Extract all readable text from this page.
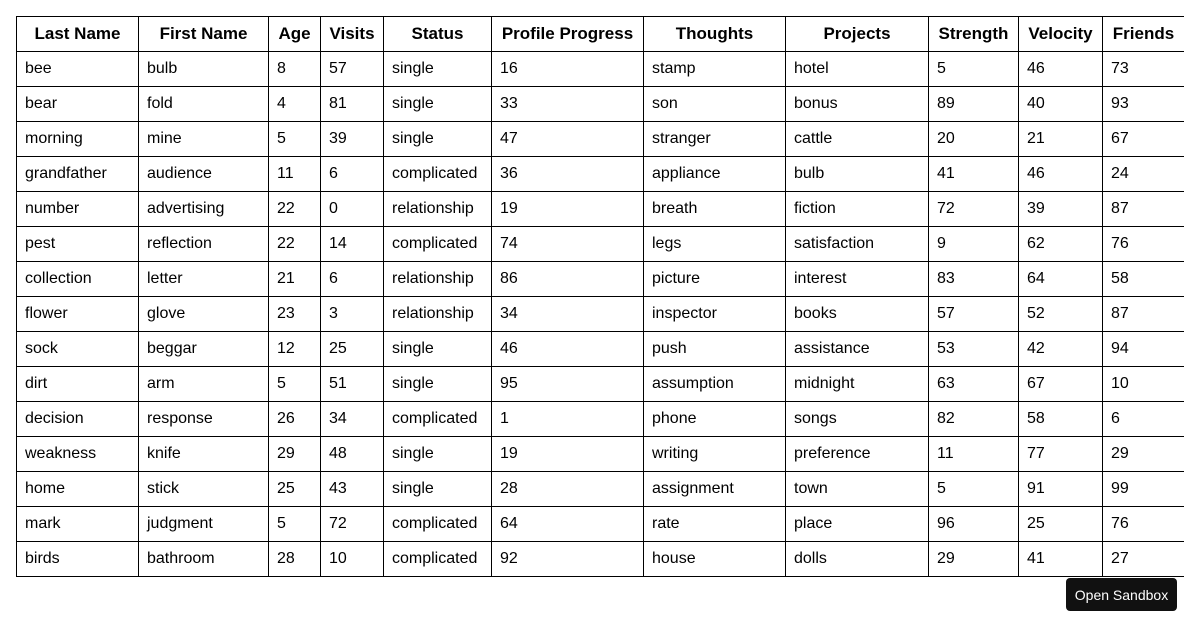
Last Name	First Name	Age	Visits	Status	Profile Progress	Thoughts	Projects	Strength	Velocity	Friends
bee	bulb	8	57	single	16	stamp	hotel	5	46	73
bear	fold	4	81	single	33	son	bonus	89	40	93
morning	mine	5	39	single	47	stranger	cattle	20	21	67
grandfather	audience	11	6	complicated	36	appliance	bulb	41	46	24
number	advertising	22	0	relationship	19	breath	fiction	72	39	87
pest	reflection	22	14	complicated	74	legs	satisfaction	9	62	76
collection	letter	21	6	relationship	86	picture	interest	83	64	58
flower	glove	23	3	relationship	34	inspector	books	57	52	87
sock	beggar	12	25	single	46	push	assistance	53	42	94
dirt	arm	5	51	single	95	assumption	midnight	63	67	10
decision	response	26	34	complicated	1	phone	songs	82	58	6
weakness	knife	29	48	single	19	writing	preference	11	77	29
home	stick	25	43	single	28	assignment	town	5	91	99
mark	judgment	5	72	complicated	64	rate	place	96	25	76
birds	bathroom	28	10	complicated	92	house	dolls	29	41	27
Open Sandbox
